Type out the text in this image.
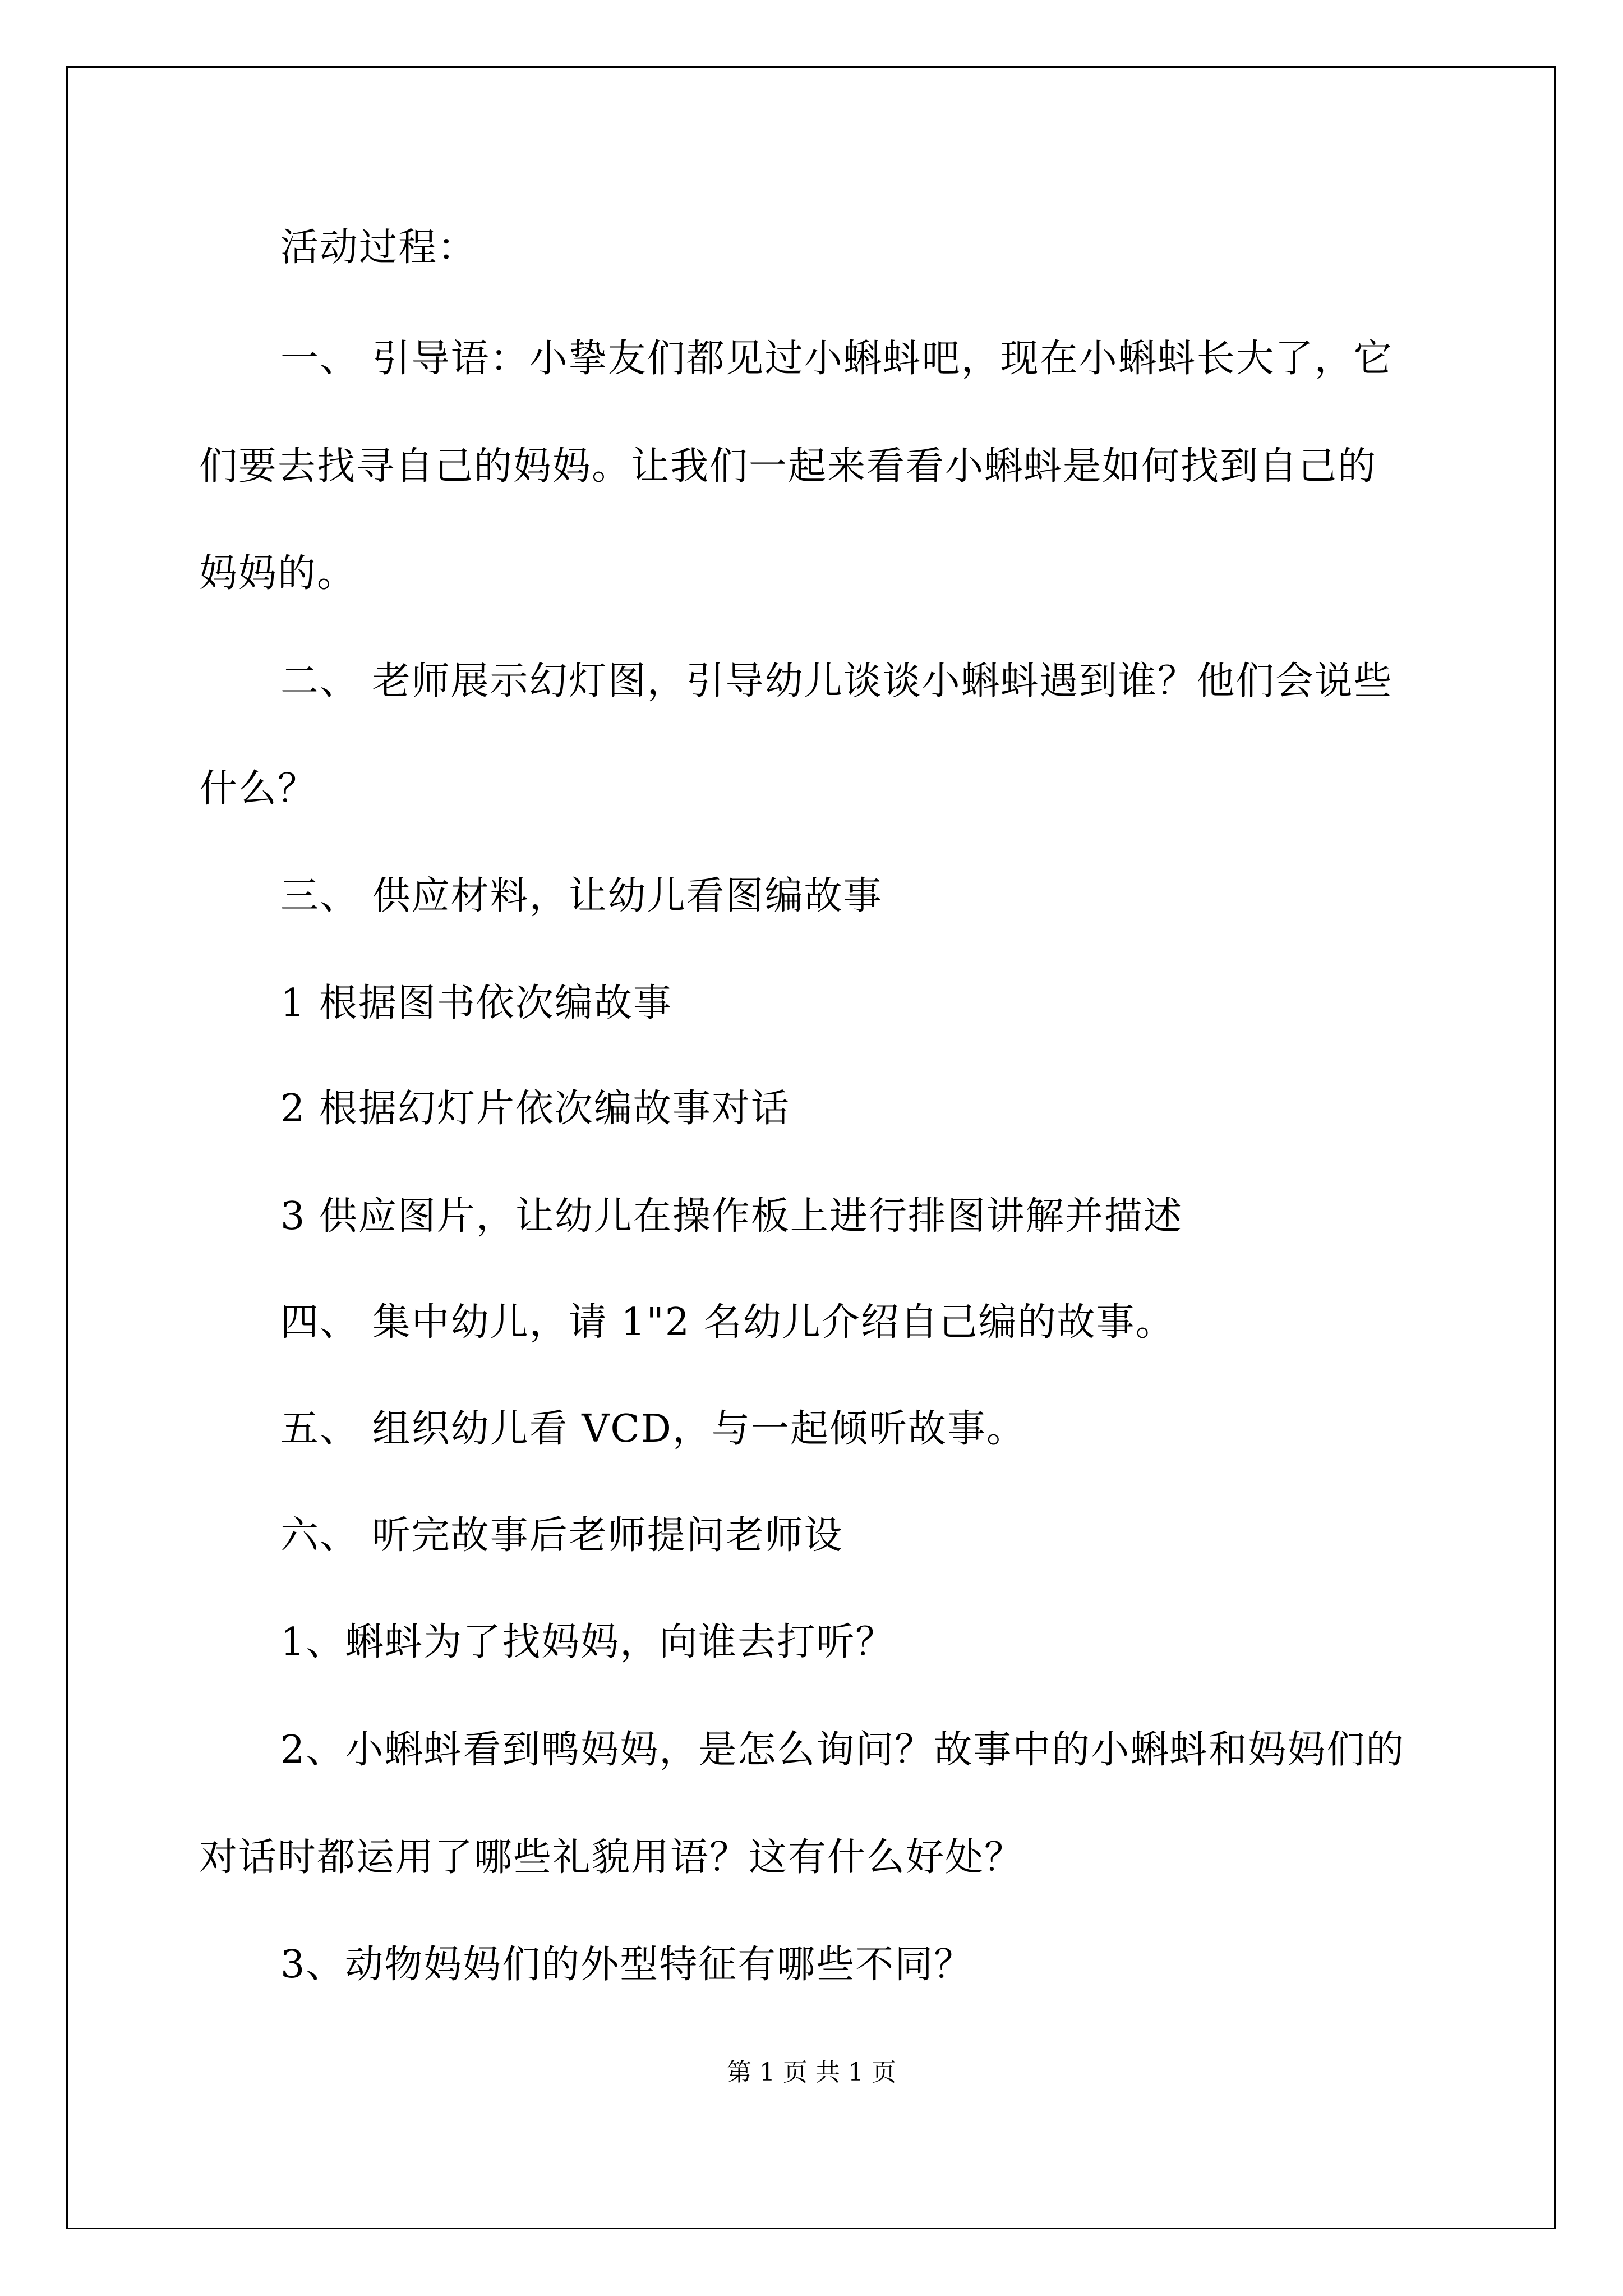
活动过程：
一、 引导语：小挚友们都见过小蝌蚪吧，现在小蝌蚪长大了，它
们要去找寻自己的妈妈。让我们一起来看看小蝌蚪是如何找到自己的
妈妈的。
二、 老师展示幻灯图，引导幼儿谈谈小蝌蚪遇到谁？他们会说些
什么？
三、 供应材料，让幼儿看图编故事
1 根据图书依次编故事
2 根据幻灯片依次编故事对话
3 供应图片，让幼儿在操作板上进行排图讲解并描述
四、 集中幼儿，请 1"2 名幼儿介绍自己编的故事。
五、 组织幼儿看 VCD，与一起倾听故事。
六、 听完故事后老师提问老师设
1、蝌蚪为了找妈妈，向谁去打听？
2、小蝌蚪看到鸭妈妈，是怎么询问？故事中的小蝌蚪和妈妈们的
对话时都运用了哪些礼貌用语？这有什么好处？
3、动物妈妈们的外型特征有哪些不同？
第 1 页 共 1 页
